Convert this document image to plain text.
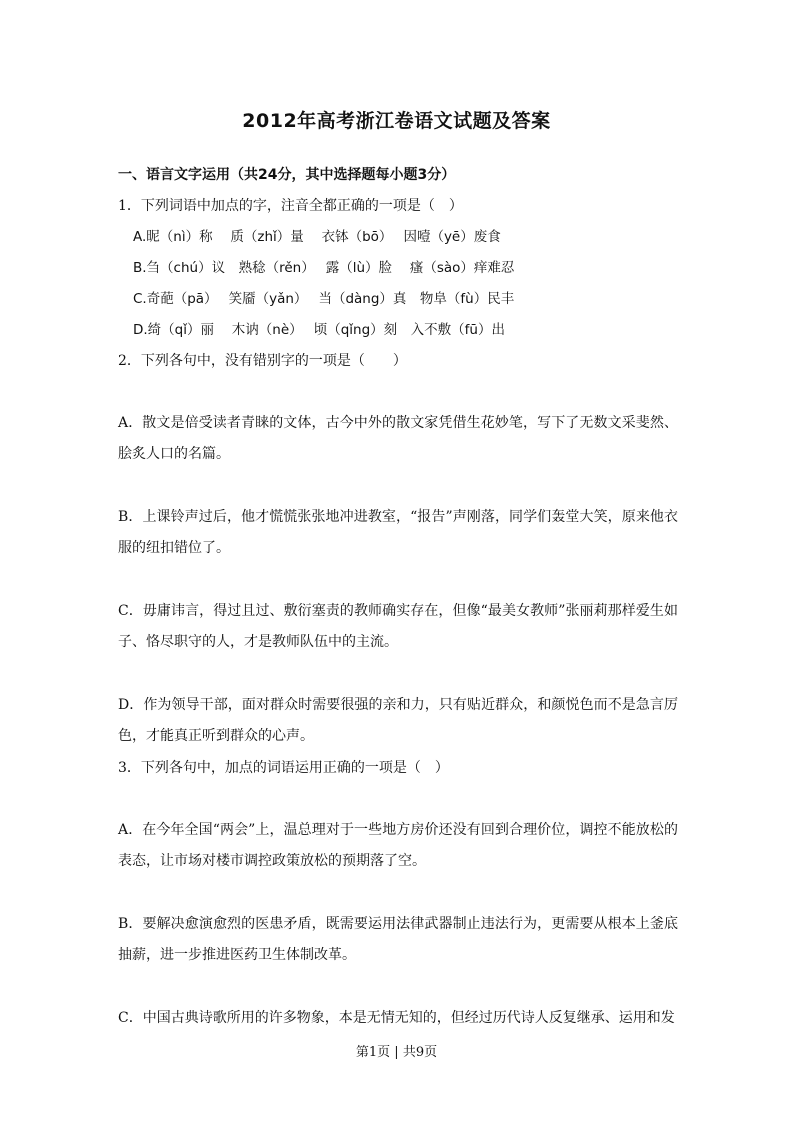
2012年高考浙江卷语文试题及答案
一、语言文字运用（共24分，其中选择题每小题3分）
1．下列词语中加点的字，注音全都正确的一项是（　）
A.昵（nì）称　 质（zhǐ）量　 衣钵（bō）　 因噎（yē）废食
B.刍（chú）议　熟稔（rěn）　 露（lù）脸　 瘙（sào）痒难忍
C.奇葩（pā）　 笑靥（yǎn）　 当（dàng）真　物阜（fù）民丰
D.绮（qǐ）丽　 木讷（nè）　 顷（qǐng）刻　入不敷（fū）出
2．下列各句中，没有错别字的一项是（　　）

A．散文是倍受读者青睐的文体，古今中外的散文家凭借生花妙笔，写下了无数文采斐然、脍炙人口的名篇。

B．上课铃声过后，他才慌慌张张地冲进教室，“报告”声刚落，同学们轰堂大笑，原来他衣服的纽扣错位了。

C．毋庸讳言，得过且过、敷衍塞责的教师确实存在，但像“最美女教师”张丽莉那样爱生如子、恪尽职守的人，才是教师队伍中的主流。

D．作为领导干部，面对群众时需要很强的亲和力，只有贴近群众，和颜悦色而不是急言厉色，才能真正听到群众的心声。

3．下列各句中，加点的词语运用正确的一项是（　）

A．在今年全国“两会”上，温总理对于一些地方房价还没有回到合理价位，调控不能放松的表态，让市场对楼市调控政策放松的预期落了空。

B．要解决愈演愈烈的医患矛盾，既需要运用法律武器制止违法行为，更需要从根本上釜底抽薪，进一步推进医药卫生体制改革。

C．中国古典诗歌所用的许多物象，本是无情无知的，但经过历代诗人反复继承、运用和发

第1页 | 共9页
